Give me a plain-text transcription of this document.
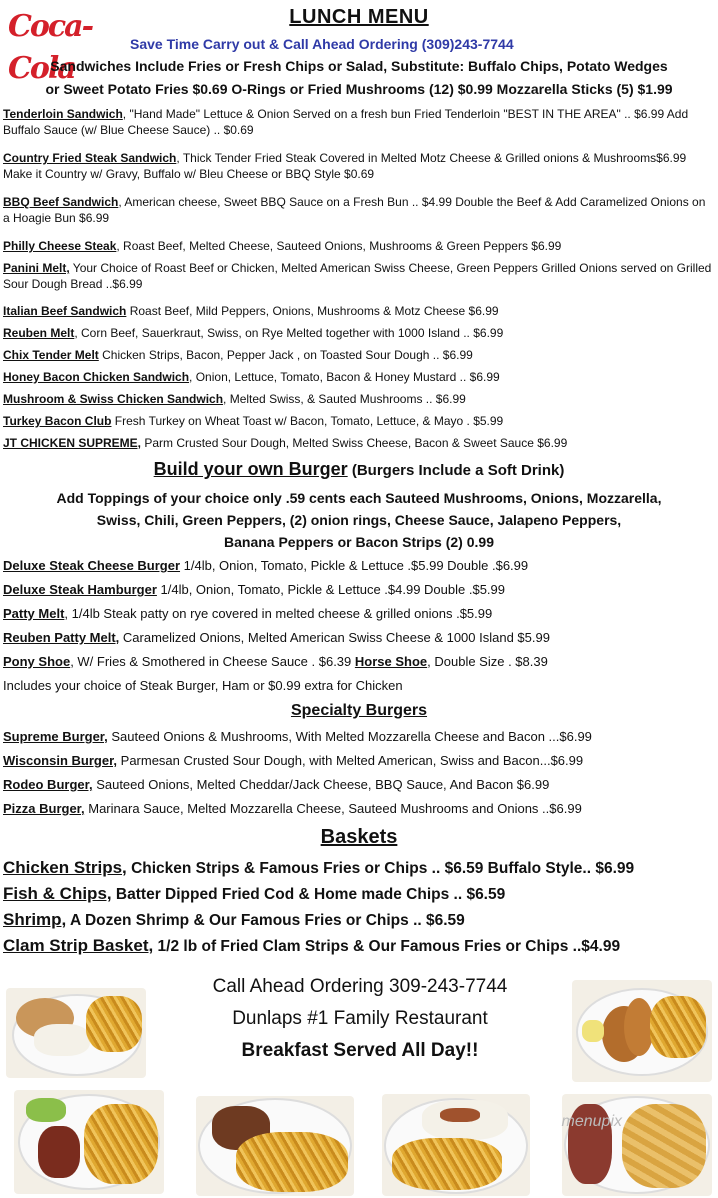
Coca-Cola
LUNCH MENU
Save Time Carry out & Call Ahead Ordering (309)243-7744
Sandwiches Include Fries or Fresh Chips or Salad, Substitute: Buffalo Chips, Potato Wedges
or Sweet Potato Fries $0.69 O-Rings or Fried Mushrooms (12) $0.99 Mozzarella Sticks (5) $1.99
Tenderloin Sandwich, "Hand Made" Lettuce & Onion Served on a fresh bun Fried Tenderloin "BEST IN THE AREA" .. $6.99 Add Buffalo Sauce (w/ Blue Cheese Sauce) .. $0.69
Country Fried Steak Sandwich, Thick Tender Fried Steak Covered in Melted Motz Cheese & Grilled onions & Mushrooms$6.99 Make it Country w/ Gravy, Buffalo w/ Bleu Cheese or BBQ Style $0.69
BBQ Beef Sandwich, American cheese, Sweet BBQ Sauce on a Fresh Bun .. $4.99 Double the Beef & Add Caramelized Onions on a Hoagie Bun $6.99
Philly Cheese Steak, Roast Beef, Melted Cheese, Sauteed Onions, Mushrooms & Green Peppers $6.99
Panini Melt, Your Choice of Roast Beef or Chicken, Melted American Swiss Cheese, Green Peppers Grilled Onions served on Grilled Sour Dough Bread ..$6.99
Italian Beef Sandwich Roast Beef, Mild Peppers, Onions, Mushrooms & Motz Cheese $6.99
Reuben Melt, Corn Beef, Sauerkraut, Swiss, on Rye Melted together with 1000 Island .. $6.99
Chix Tender Melt Chicken Strips, Bacon, Pepper Jack , on Toasted Sour Dough .. $6.99
Honey Bacon Chicken Sandwich, Onion, Lettuce, Tomato, Bacon & Honey Mustard .. $6.99
Mushroom & Swiss Chicken Sandwich, Melted Swiss, & Sauted Mushrooms .. $6.99
Turkey Bacon Club Fresh Turkey on Wheat Toast w/ Bacon, Tomato, Lettuce, & Mayo . $5.99
JT CHICKEN SUPREME, Parm Crusted Sour Dough, Melted Swiss Cheese, Bacon & Sweet Sauce $6.99
Build your own Burger (Burgers Include a Soft Drink)
Add Toppings of your choice only .59 cents each Sauteed Mushrooms, Onions, Mozzarella,
Swiss, Chili, Green Peppers, (2) onion rings, Cheese Sauce, Jalapeno Peppers,
Banana Peppers or Bacon Strips (2) 0.99
Deluxe Steak Cheese Burger 1/4lb, Onion, Tomato, Pickle & Lettuce .$5.99 Double .$6.99
Deluxe Steak Hamburger 1/4lb, Onion, Tomato, Pickle & Lettuce .$4.99 Double .$5.99
Patty Melt, 1/4lb Steak patty on rye covered in melted cheese & grilled onions .$5.99
Reuben Patty Melt, Caramelized Onions, Melted American Swiss Cheese & 1000 Island $5.99
Pony Shoe, W/ Fries & Smothered in Cheese Sauce . $6.39 Horse Shoe, Double Size . $8.39
Includes your choice of Steak Burger, Ham or $0.99 extra for Chicken
Specialty Burgers
Supreme Burger, Sauteed Onions & Mushrooms, With Melted Mozzarella Cheese and Bacon ...$6.99
Wisconsin Burger, Parmesan Crusted Sour Dough, with Melted American, Swiss and Bacon...$6.99
Rodeo Burger, Sauteed Onions, Melted Cheddar/Jack Cheese, BBQ Sauce, And Bacon $6.99
Pizza Burger, Marinara Sauce, Melted Mozzarella Cheese, Sauteed Mushrooms and Onions ..$6.99
Baskets
Chicken Strips, Chicken Strips & Famous Fries or Chips .. $6.59 Buffalo Style.. $6.99
Fish & Chips, Batter Dipped Fried Cod & Home made Chips .. $6.59
Shrimp, A Dozen Shrimp & Our Famous Fries or Chips .. $6.59
Clam Strip Basket, 1/2 lb of Fried Clam Strips & Our Famous Fries or Chips ..$4.99
Call Ahead Ordering 309-243-7744
Dunlaps #1 Family Restaurant
Breakfast Served All Day!!
menupix
